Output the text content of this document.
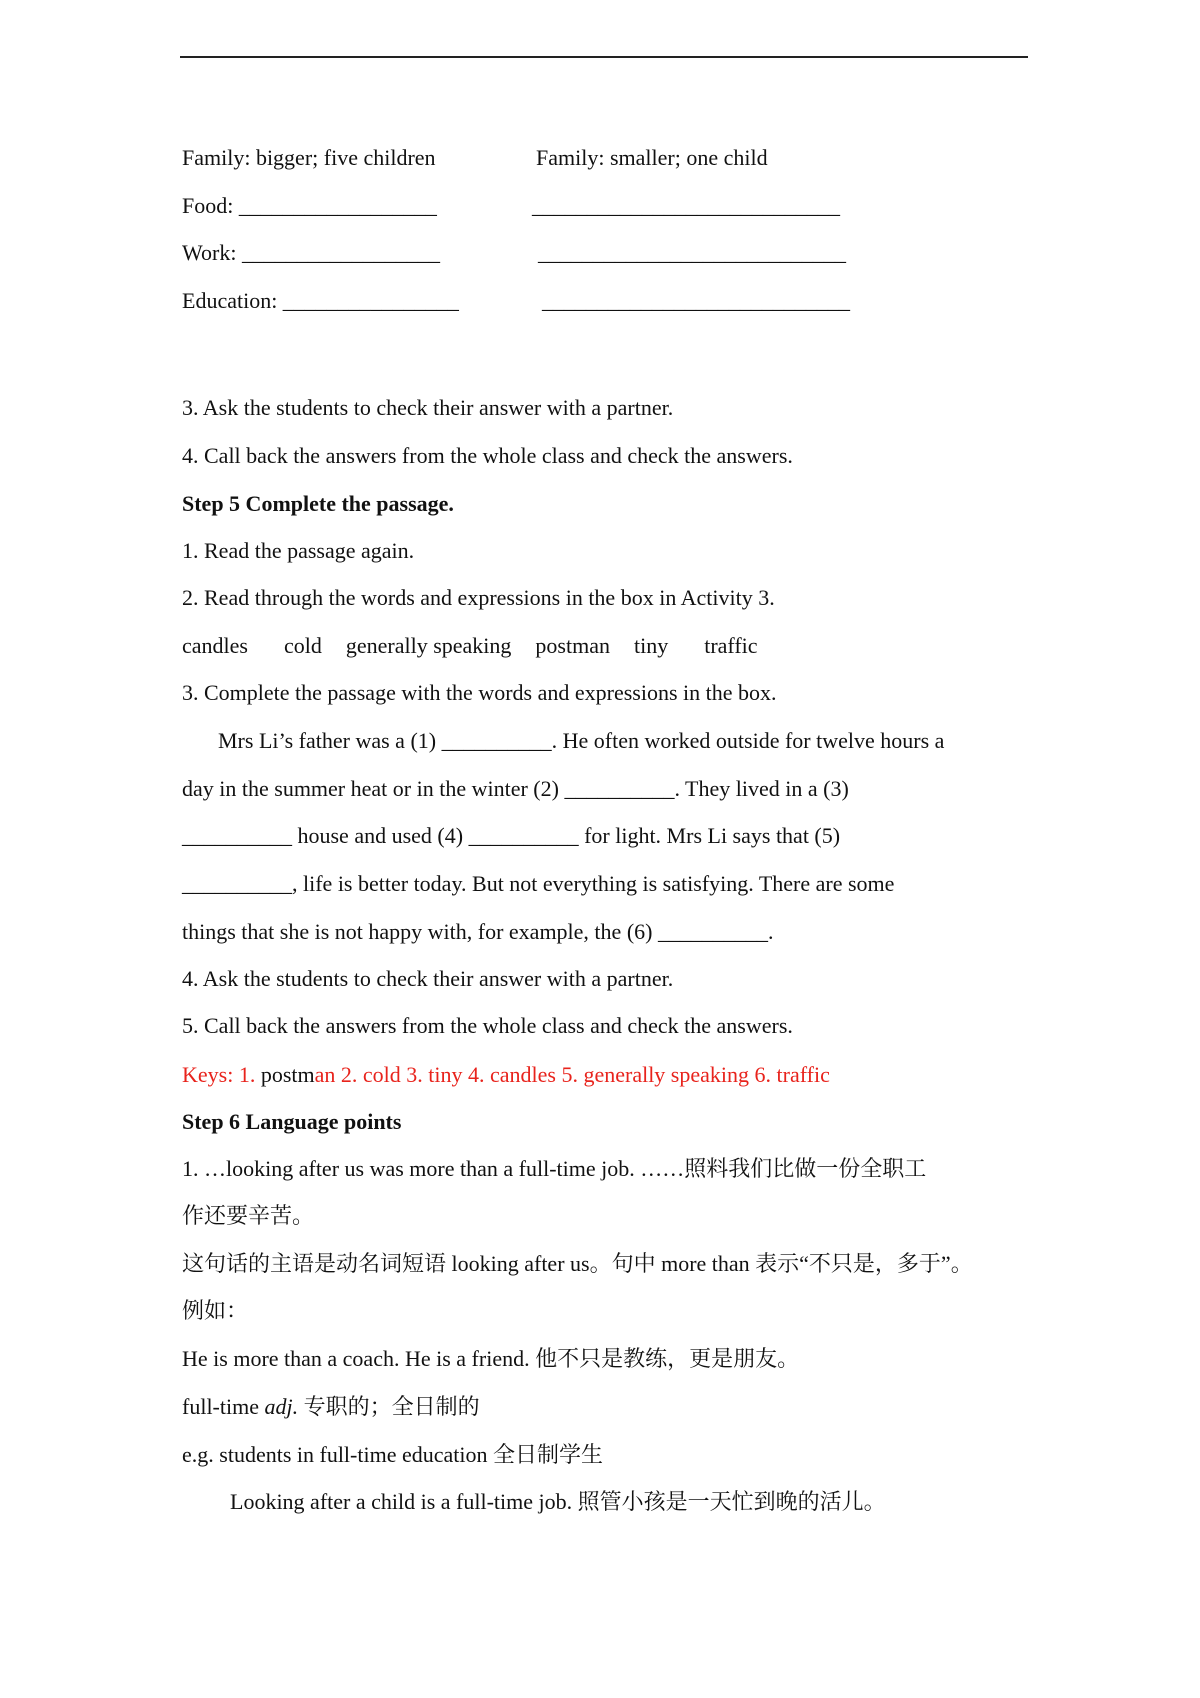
Family: bigger; five children	Family: smaller; one child
Food: __________________	____________________________
Work: __________________	____________________________
Education: ________________	____________________________
3. Ask the students to check their answer with a partner.
4. Call back the answers from the whole class and check the answers.
Step 5 Complete the passage.
1. Read the passage again.
2. Read through the words and expressions in the box in Activity 3.
candles cold generally speaking postman tiny traffic
3. Complete the passage with the words and expressions in the box.
Mrs Li’s father was a (1) __________. He often worked outside for twelve hours a
day in the summer heat or in the winter (2) __________. They lived in a (3)
__________ house and used (4) __________ for light. Mrs Li says that (5)
__________, life is better today. But not everything is satisfying. There are some
things that she is not happy with, for example, the (6) __________.
4. Ask the students to check their answer with a partner.
5. Call back the answers from the whole class and check the answers.
Keys: 1. postman 2. cold 3. tiny 4. candles 5. generally speaking 6. traffic
Step 6 Language points
1. …looking after us was more than a full-time job. ……照料我们比做一份全职工
作还要辛苦。
这句话的主语是动名词短语 looking after us。句中 more than 表示“不只是，多于”。
例如：
He is more than a coach. He is a friend. 他不只是教练，更是朋友。
full-time adj. 专职的；全日制的
e.g. students in full-time education 全日制学生
Looking after a child is a full-time job. 照管小孩是一天忙到晚的活儿。
